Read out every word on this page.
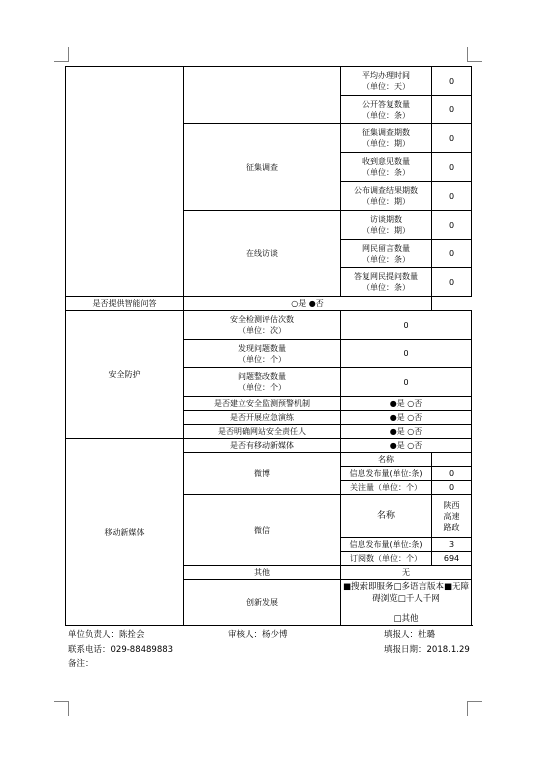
		平均办理时间
（单位：天）	0

		公开答复数量
（单位：条）	0
	征集调查	征集调查期数
（单位：期）	0

		收到意见数量
（单位：条）	0

		公布调查结果期数
（单位：期）	0
	在线访谈	访谈期数
（单位：期）	0

		网民留言数量
（单位：条）	0

		答复网民提问数量
（单位：条）	0
是否提供智能问答	○是 ●否		
安全防护	安全检测评估次数
（单位：次）	0	

	发现问题数量
（单位：个）	0	

	问题整改数量
（单位：个）	0	
	是否建立安全监测预警机制	●是 ○否	
	是否开展应急演练	●是 ○否	
	是否明确网站安全责任人	●是 ○否	
移动新媒体	是否有移动新媒体	●是 ○否	
	微博	名称	
		信息发布量(单位:条)	0
		关注量（单位：个）	0
	微信	名称	陕西
高速
路政

		信息发布量(单位:条)	3
		订阅数（单位：个）	694
	其他	无	
	创新发展	■搜索即服务□多语言版本■无障碍浏览□千人千网
□其他	
单位负责人：陈拴会	审核人：杨少博	填报人：杜璐
联系电话：029-88489883	填报日期：2018.1.29
备注：
